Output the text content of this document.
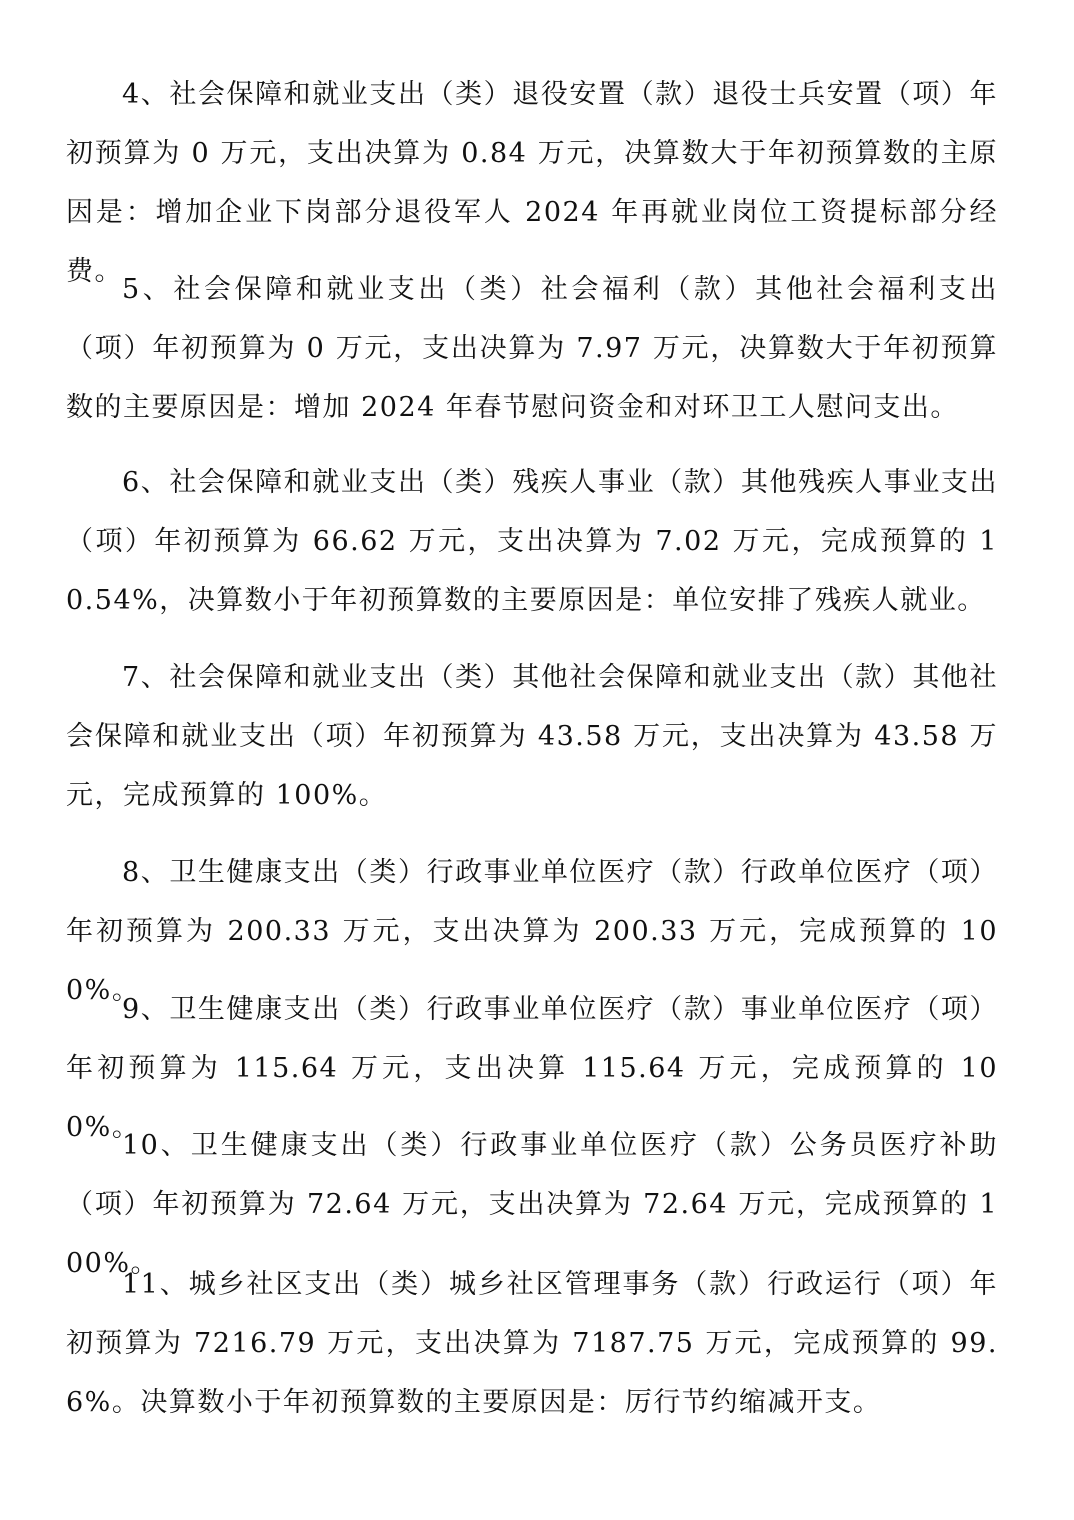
4、社会保障和就业支出（类）退役安置（款）退役士兵安置（项）年初预算为 0 万元，支出决算为 0.84 万元，决算数大于年初预算数的主原因是：增加企业下岗部分退役军人 2024 年再就业岗位工资提标部分经费。

5、社会保障和就业支出（类）社会福利（款）其他社会福利支出（项）年初预算为 0 万元，支出决算为 7.97 万元，决算数大于年初预算数的主要原因是：增加 2024 年春节慰问资金和对环卫工人慰问支出。

6、社会保障和就业支出（类）残疾人事业（款）其他残疾人事业支出（项）年初预算为 66.62 万元，支出决算为 7.02 万元，完成预算的 10.54%，决算数小于年初预算数的主要原因是：单位安排了残疾人就业。

7、社会保障和就业支出（类）其他社会保障和就业支出（款）其他社会保障和就业支出（项）年初预算为 43.58 万元，支出决算为 43.58 万元，完成预算的 100%。

8、卫生健康支出（类）行政事业单位医疗（款）行政单位医疗（项）年初预算为 200.33 万元，支出决算为 200.33 万元，完成预算的 100%。

9、卫生健康支出（类）行政事业单位医疗（款）事业单位医疗（项）年初预算为 115.64 万元，支出决算 115.64 万元，完成预算的 100%。

10、卫生健康支出（类）行政事业单位医疗（款）公务员医疗补助（项）年初预算为 72.64 万元，支出决算为 72.64 万元，完成预算的 100%。

11、城乡社区支出（类）城乡社区管理事务（款）行政运行（项）年初预算为 7216.79 万元，支出决算为 7187.75 万元，完成预算的 99.6%。决算数小于年初预算数的主要原因是：厉行节约缩减开支。
